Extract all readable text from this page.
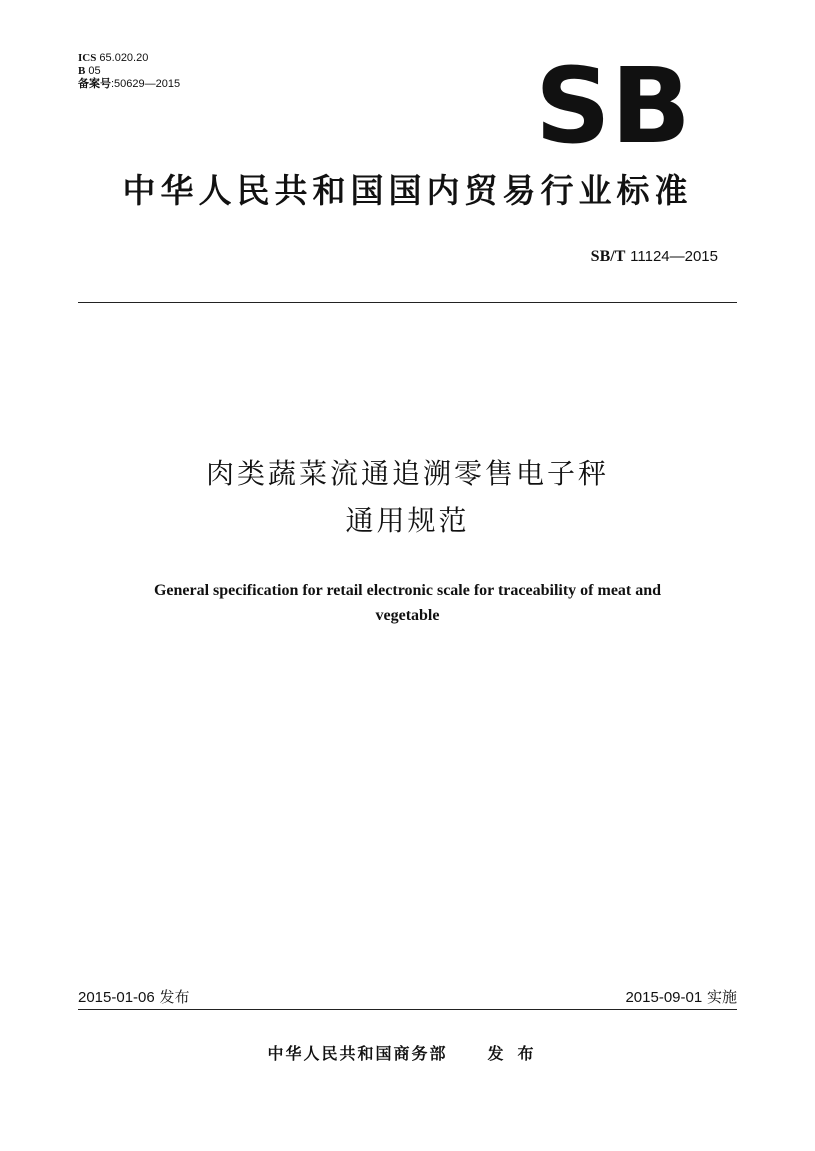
ICS 65.020.20
B 05
备案号:50629—2015	SB
中华人民共和国国内贸易行业标准
SB/T 11124—2015
肉类蔬菜流通追溯零售电子秤
通用规范
General specification for retail electronic scale for traceability of meat and
vegetable
2015-01-06 发布	2015-09-01 实施
中华人民共和国商务部	发布
